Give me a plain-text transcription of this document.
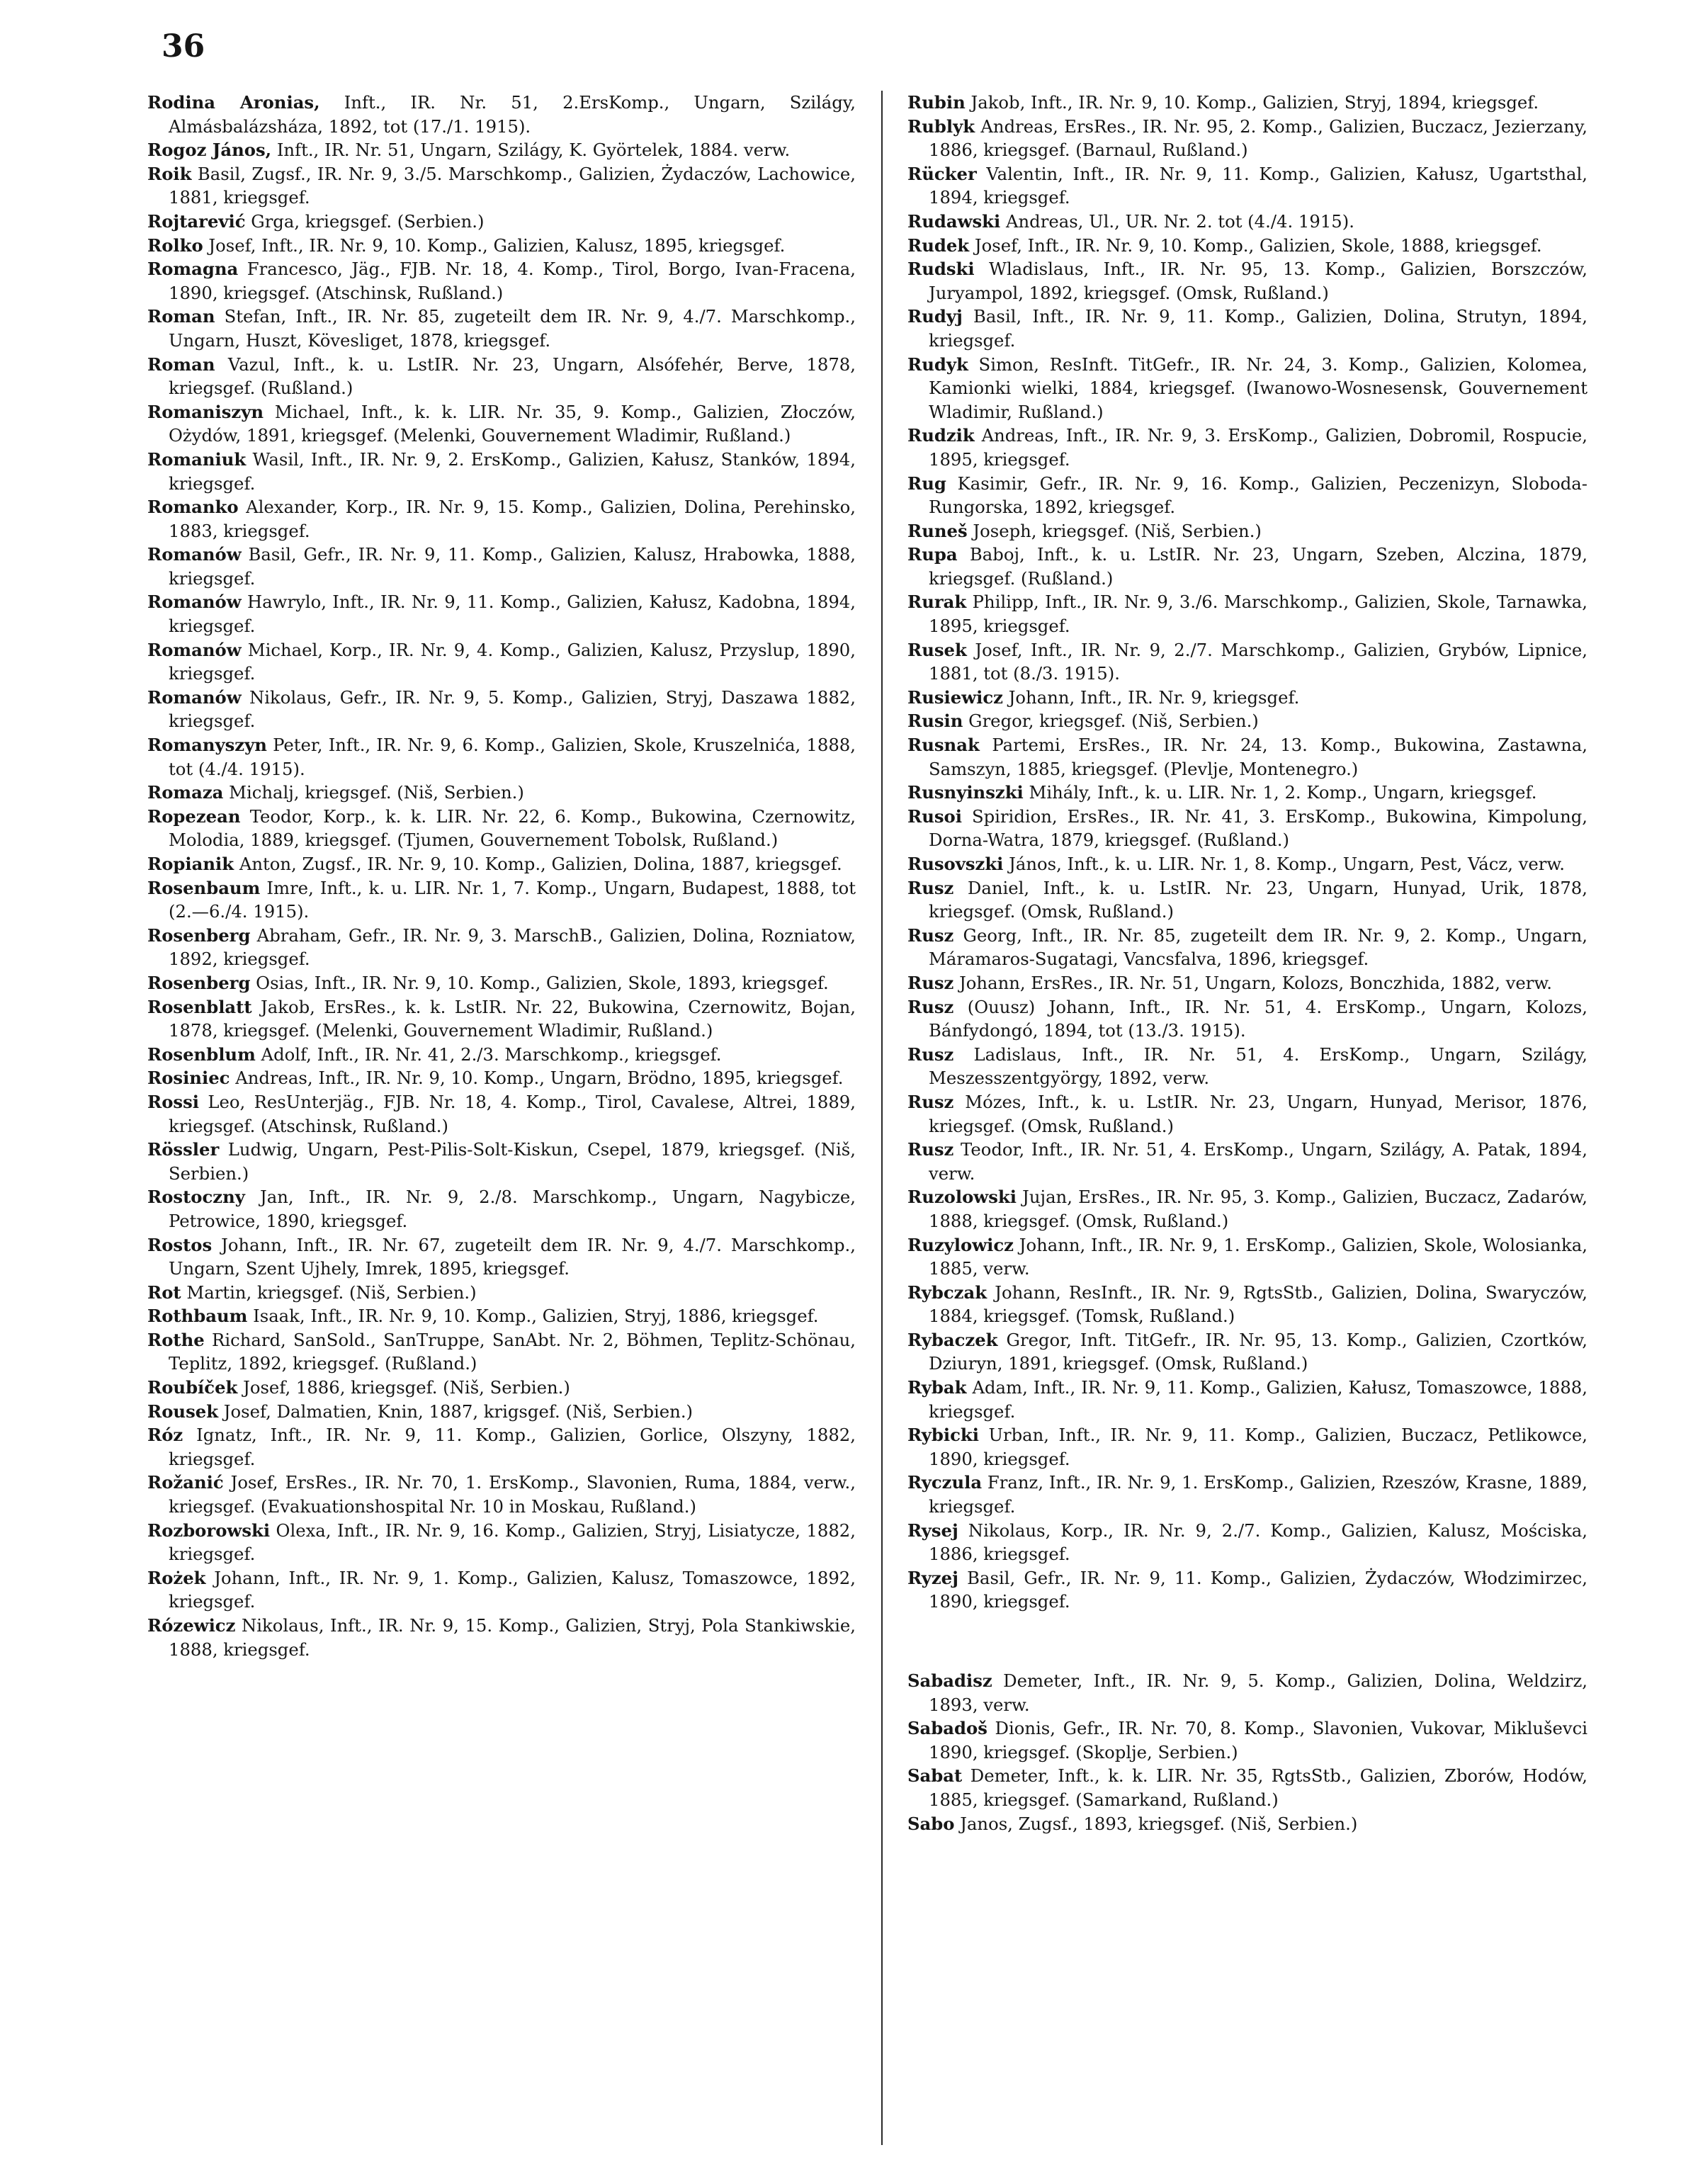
36

Rodina Aronias, Inft., IR. Nr. 51, 2.ErsKomp., Ungarn, Szilágy, Almásbalázsháza, 1892, tot (17./1. 1915).

Rogoz János, Inft., IR. Nr. 51, Ungarn, Szilágy, K. Györtelek, 1884. verw.

Roik Basil, Zugsf., IR. Nr. 9, 3./5. Marschkomp., Galizien, Żydaczów, Lachowice, 1881, kriegsgef.

Rojtarević Grga, kriegsgef. (Serbien.)

Rolko Josef, Inft., IR. Nr. 9, 10. Komp., Galizien, Kalusz, 1895, kriegsgef.

Romagna Francesco, Jäg., FJB. Nr. 18, 4. Komp., Tirol, Borgo, Ivan-Fracena, 1890, kriegsgef. (Atschinsk, Rußland.)

Roman Stefan, Inft., IR. Nr. 85, zugeteilt dem IR. Nr. 9, 4./7. Marschkomp., Ungarn, Huszt, Kövesliget, 1878, kriegsgef.

Roman Vazul, Inft., k. u. LstIR. Nr. 23, Ungarn, Alsófehér, Berve, 1878, kriegsgef. (Rußland.)

Romaniszyn Michael, Inft., k. k. LIR. Nr. 35, 9. Komp., Galizien, Złoczów, Ożydów, 1891, kriegsgef. (Melenki, Gouvernement Wladimir, Rußland.)

Romaniuk Wasil, Inft., IR. Nr. 9, 2. ErsKomp., Galizien, Kałusz, Stanków, 1894, kriegsgef.

Romanko Alexander, Korp., IR. Nr. 9, 15. Komp., Galizien, Dolina, Perehinsko, 1883, kriegsgef.

Romanów Basil, Gefr., IR. Nr. 9, 11. Komp., Galizien, Kalusz, Hrabowka, 1888, kriegsgef.

Romanów Hawrylo, Inft., IR. Nr. 9, 11. Komp., Galizien, Kałusz, Kadobna, 1894, kriegsgef.

Romanów Michael, Korp., IR. Nr. 9, 4. Komp., Galizien, Kalusz, Przyslup, 1890, kriegsgef.

Romanów Nikolaus, Gefr., IR. Nr. 9, 5. Komp., Galizien, Stryj, Daszawa 1882, kriegsgef.

Romanyszyn Peter, Inft., IR. Nr. 9, 6. Komp., Galizien, Skole, Kruszelnića, 1888, tot (4./4. 1915).

Romaza Michalj, kriegsgef. (Niš, Serbien.)

Ropezean Teodor, Korp., k. k. LIR. Nr. 22, 6. Komp., Bukowina, Czernowitz, Molodia, 1889, kriegsgef. (Tjumen, Gouvernement Tobolsk, Rußland.)

Ropianik Anton, Zugsf., IR. Nr. 9, 10. Komp., Galizien, Dolina, 1887, kriegsgef.

Rosenbaum Imre, Inft., k. u. LIR. Nr. 1, 7. Komp., Ungarn, Budapest, 1888, tot (2.—6./4. 1915).

Rosenberg Abraham, Gefr., IR. Nr. 9, 3. MarschB., Galizien, Dolina, Rozniatow, 1892, kriegsgef.

Rosenberg Osias, Inft., IR. Nr. 9, 10. Komp., Galizien, Skole, 1893, kriegsgef.

Rosenblatt Jakob, ErsRes., k. k. LstIR. Nr. 22, Bukowina, Czernowitz, Bojan, 1878, kriegsgef. (Melenki, Gouvernement Wladimir, Rußland.)

Rosenblum Adolf, Inft., IR. Nr. 41, 2./3. Marschkomp., kriegsgef.

Rosiniec Andreas, Inft., IR. Nr. 9, 10. Komp., Ungarn, Brödno, 1895, kriegsgef.

Rossi Leo, ResUnterjäg., FJB. Nr. 18, 4. Komp., Tirol, Cavalese, Altrei, 1889, kriegsgef. (Atschinsk, Rußland.)

Rössler Ludwig, Ungarn, Pest-Pilis-Solt-Kiskun, Csepel, 1879, kriegsgef. (Niš, Serbien.)

Rostoczny Jan, Inft., IR. Nr. 9, 2./8. Marschkomp., Ungarn, Nagybicze, Petrowice, 1890, kriegsgef.

Rostos Johann, Inft., IR. Nr. 67, zugeteilt dem IR. Nr. 9, 4./7. Marschkomp., Ungarn, Szent Ujhely, Imrek, 1895, kriegsgef.

Rot Martin, kriegsgef. (Niš, Serbien.)

Rothbaum Isaak, Inft., IR. Nr. 9, 10. Komp., Galizien, Stryj, 1886, kriegsgef.

Rothe Richard, SanSold., SanTruppe, SanAbt. Nr. 2, Böhmen, Teplitz-Schönau, Teplitz, 1892, kriegsgef. (Rußland.)

Roubíček Josef, 1886, kriegsgef. (Niš, Serbien.)

Rousek Josef, Dalmatien, Knin, 1887, krigsgef. (Niš, Serbien.)

Róz Ignatz, Inft., IR. Nr. 9, 11. Komp., Galizien, Gorlice, Olszyny, 1882, kriegsgef.

Rožanić Josef, ErsRes., IR. Nr. 70, 1. ErsKomp., Slavonien, Ruma, 1884, verw., kriegsgef. (Evakuationshospital Nr. 10 in Moskau, Rußland.)

Rozborowski Olexa, Inft., IR. Nr. 9, 16. Komp., Galizien, Stryj, Lisiatycze, 1882, kriegsgef.

Rożek Johann, Inft., IR. Nr. 9, 1. Komp., Galizien, Kalusz, Tomaszowce, 1892, kriegsgef.

Rózewicz Nikolaus, Inft., IR. Nr. 9, 15. Komp., Galizien, Stryj, Pola Stankiwskie, 1888, kriegsgef.

Rubin Jakob, Inft., IR. Nr. 9, 10. Komp., Galizien, Stryj, 1894, kriegsgef.

Rublyk Andreas, ErsRes., IR. Nr. 95, 2. Komp., Galizien, Buczacz, Jezierzany, 1886, kriegsgef. (Barnaul, Rußland.)

Rücker Valentin, Inft., IR. Nr. 9, 11. Komp., Galizien, Kałusz, Ugartsthal, 1894, kriegsgef.

Rudawski Andreas, Ul., UR. Nr. 2. tot (4./4. 1915).

Rudek Josef, Inft., IR. Nr. 9, 10. Komp., Galizien, Skole, 1888, kriegsgef.

Rudski Wladislaus, Inft., IR. Nr. 95, 13. Komp., Galizien, Borszczów, Juryampol, 1892, kriegsgef. (Omsk, Rußland.)

Rudyj Basil, Inft., IR. Nr. 9, 11. Komp., Galizien, Dolina, Strutyn, 1894, kriegsgef.

Rudyk Simon, ResInft. TitGefr., IR. Nr. 24, 3. Komp., Galizien, Kolomea, Kamionki wielki, 1884, kriegsgef. (Iwanowo-Wosnesensk, Gouvernement Wladimir, Rußland.)

Rudzik Andreas, Inft., IR. Nr. 9, 3. ErsKomp., Galizien, Dobromil, Rospucie, 1895, kriegsgef.

Rug Kasimir, Gefr., IR. Nr. 9, 16. Komp., Galizien, Peczenizyn, Sloboda-Rungorska, 1892, kriegsgef.

Runeš Joseph, kriegsgef. (Niš, Serbien.)

Rupa Baboj, Inft., k. u. LstIR. Nr. 23, Ungarn, Szeben, Alczina, 1879, kriegsgef. (Rußland.)

Rurak Philipp, Inft., IR. Nr. 9, 3./6. Marschkomp., Galizien, Skole, Tarnawka, 1895, kriegsgef.

Rusek Josef, Inft., IR. Nr. 9, 2./7. Marschkomp., Galizien, Grybów, Lipnice, 1881, tot (8./3. 1915).

Rusiewicz Johann, Inft., IR. Nr. 9, kriegsgef.

Rusin Gregor, kriegsgef. (Niš, Serbien.)

Rusnak Partemi, ErsRes., IR. Nr. 24, 13. Komp., Bukowina, Zastawna, Samszyn, 1885, kriegsgef. (Plevlje, Montenegro.)

Rusnyinszki Mihály, Inft., k. u. LIR. Nr. 1, 2. Komp., Ungarn, kriegsgef.

Rusoi Spiridion, ErsRes., IR. Nr. 41, 3. ErsKomp., Bukowina, Kimpolung, Dorna-Watra, 1879, kriegsgef. (Rußland.)

Rusovszki János, Inft., k. u. LIR. Nr. 1, 8. Komp., Ungarn, Pest, Vácz, verw.

Rusz Daniel, Inft., k. u. LstIR. Nr. 23, Ungarn, Hunyad, Urik, 1878, kriegsgef. (Omsk, Rußland.)

Rusz Georg, Inft., IR. Nr. 85, zugeteilt dem IR. Nr. 9, 2. Komp., Ungarn, Máramaros-Sugatagi, Vancsfalva, 1896, kriegsgef.

Rusz Johann, ErsRes., IR. Nr. 51, Ungarn, Kolozs, Bonczhida, 1882, verw.

Rusz (Ouusz) Johann, Inft., IR. Nr. 51, 4. ErsKomp., Ungarn, Kolozs, Bánfydongó, 1894, tot (13./3. 1915).

Rusz Ladislaus, Inft., IR. Nr. 51, 4. ErsKomp., Ungarn, Szilágy, Meszesszentgyörgy, 1892, verw.

Rusz Mózes, Inft., k. u. LstIR. Nr. 23, Ungarn, Hunyad, Merisor, 1876, kriegsgef. (Omsk, Rußland.)

Rusz Teodor, Inft., IR. Nr. 51, 4. ErsKomp., Ungarn, Szilágy, A. Patak, 1894, verw.

Ruzolowski Jujan, ErsRes., IR. Nr. 95, 3. Komp., Galizien, Buczacz, Zadarów, 1888, kriegsgef. (Omsk, Rußland.)

Ruzylowicz Johann, Inft., IR. Nr. 9, 1. ErsKomp., Galizien, Skole, Wolosianka, 1885, verw.

Rybczak Johann, ResInft., IR. Nr. 9, RgtsStb., Galizien, Dolina, Swaryczów, 1884, kriegsgef. (Tomsk, Rußland.)

Rybaczek Gregor, Inft. TitGefr., IR. Nr. 95, 13. Komp., Galizien, Czortków, Dziuryn, 1891, kriegsgef. (Omsk, Rußland.)

Rybak Adam, Inft., IR. Nr. 9, 11. Komp., Galizien, Kałusz, Tomaszowce, 1888, kriegsgef.

Rybicki Urban, Inft., IR. Nr. 9, 11. Komp., Galizien, Buczacz, Petlikowce, 1890, kriegsgef.

Ryczula Franz, Inft., IR. Nr. 9, 1. ErsKomp., Galizien, Rzeszów, Krasne, 1889, kriegsgef.

Rysej Nikolaus, Korp., IR. Nr. 9, 2./7. Komp., Galizien, Kalusz, Mościska, 1886, kriegsgef.

Ryzej Basil, Gefr., IR. Nr. 9, 11. Komp., Galizien, Żydaczów, Włodzimirzec, 1890, kriegsgef.

Sabadisz Demeter, Inft., IR. Nr. 9, 5. Komp., Galizien, Dolina, Weldzirz, 1893, verw.

Sabadoš Dionis, Gefr., IR. Nr. 70, 8. Komp., Slavonien, Vukovar, Mikluševci 1890, kriegsgef. (Skoplje, Serbien.)

Sabat Demeter, Inft., k. k. LIR. Nr. 35, RgtsStb., Galizien, Zborów, Hodów, 1885, kriegsgef. (Samarkand, Rußland.)

Sabo Janos, Zugsf., 1893, kriegsgef. (Niš, Serbien.)
